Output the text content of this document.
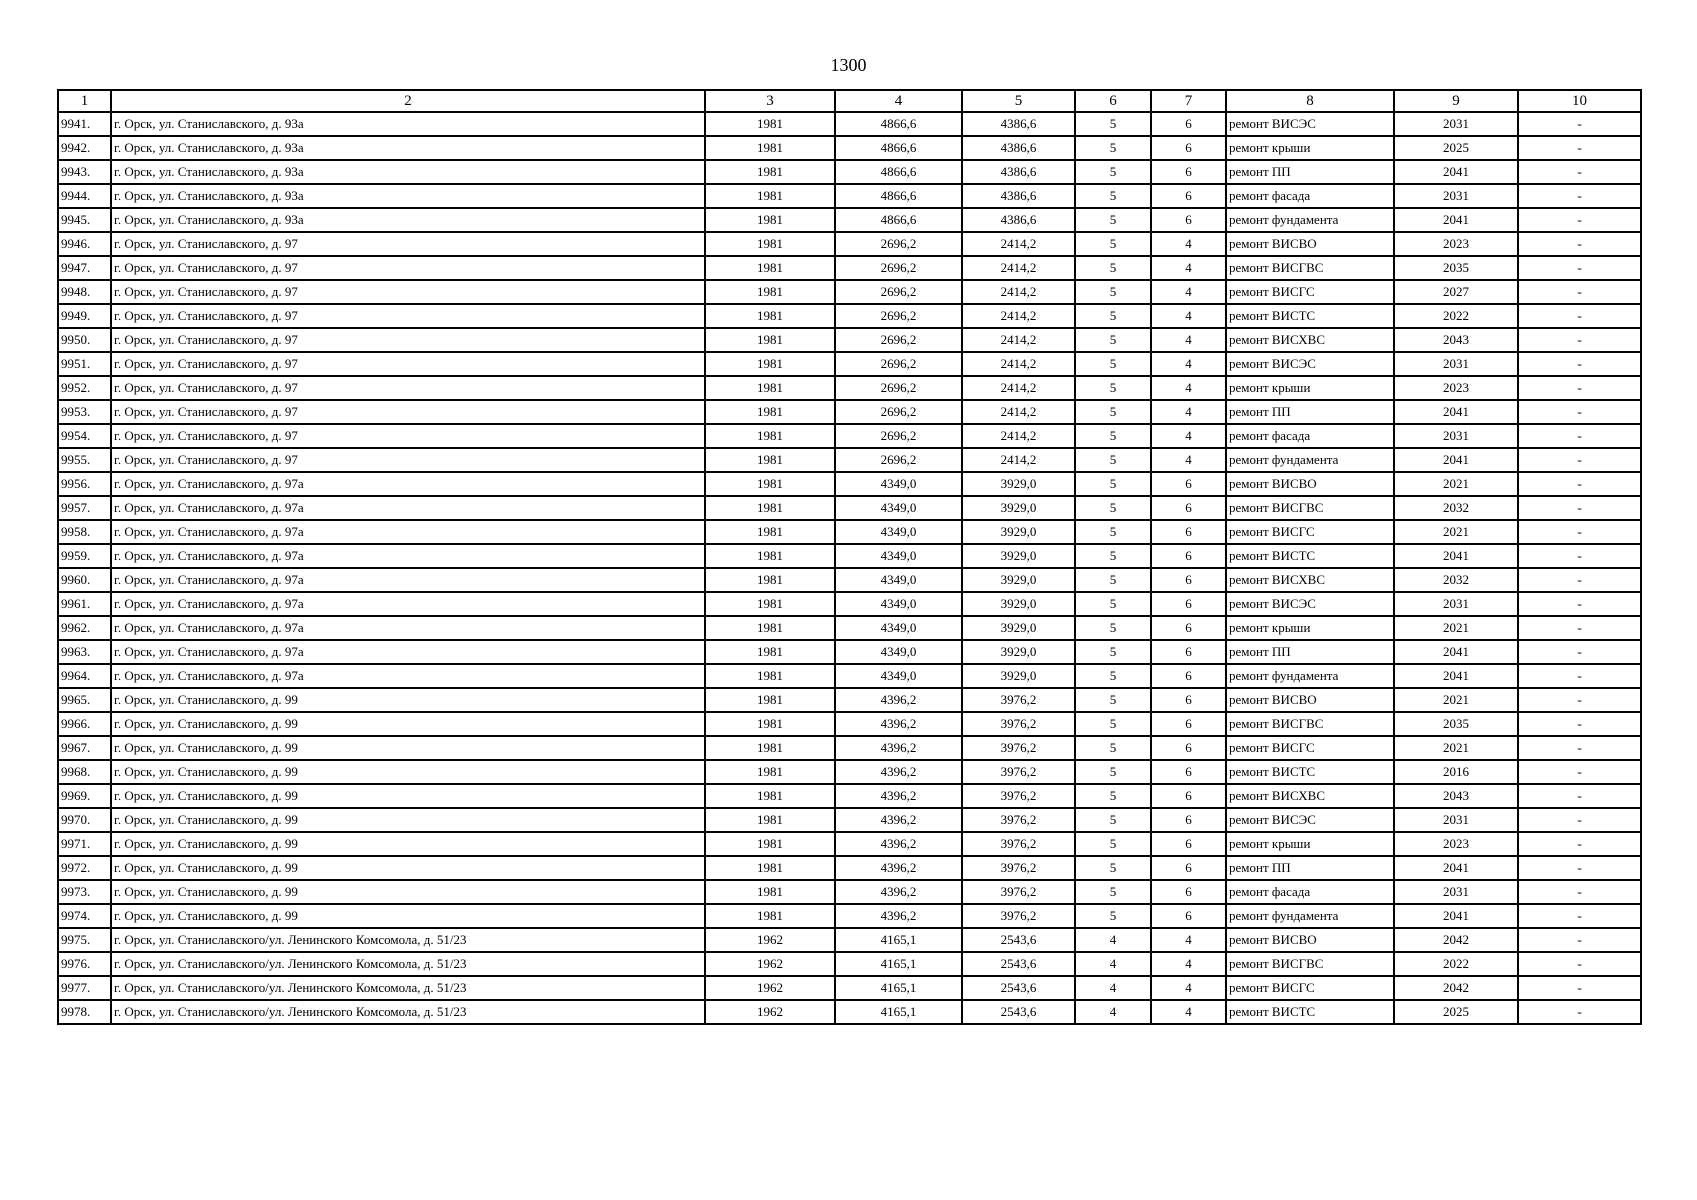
1300
1	2	3	4	5	6	7	8	9	10
9941.	г. Орск, ул. Станиславского, д. 93а	1981	4866,6	4386,6	5	6	ремонт ВИСЭС	2031	-
9942.	г. Орск, ул. Станиславского, д. 93а	1981	4866,6	4386,6	5	6	ремонт крыши	2025	-
9943.	г. Орск, ул. Станиславского, д. 93а	1981	4866,6	4386,6	5	6	ремонт ПП	2041	-
9944.	г. Орск, ул. Станиславского, д. 93а	1981	4866,6	4386,6	5	6	ремонт фасада	2031	-
9945.	г. Орск, ул. Станиславского, д. 93а	1981	4866,6	4386,6	5	6	ремонт фундамента	2041	-
9946.	г. Орск, ул. Станиславского, д. 97	1981	2696,2	2414,2	5	4	ремонт ВИСВО	2023	-
9947.	г. Орск, ул. Станиславского, д. 97	1981	2696,2	2414,2	5	4	ремонт ВИСГВС	2035	-
9948.	г. Орск, ул. Станиславского, д. 97	1981	2696,2	2414,2	5	4	ремонт ВИСГС	2027	-
9949.	г. Орск, ул. Станиславского, д. 97	1981	2696,2	2414,2	5	4	ремонт ВИСТС	2022	-
9950.	г. Орск, ул. Станиславского, д. 97	1981	2696,2	2414,2	5	4	ремонт ВИСХВС	2043	-
9951.	г. Орск, ул. Станиславского, д. 97	1981	2696,2	2414,2	5	4	ремонт ВИСЭС	2031	-
9952.	г. Орск, ул. Станиславского, д. 97	1981	2696,2	2414,2	5	4	ремонт крыши	2023	-
9953.	г. Орск, ул. Станиславского, д. 97	1981	2696,2	2414,2	5	4	ремонт ПП	2041	-
9954.	г. Орск, ул. Станиславского, д. 97	1981	2696,2	2414,2	5	4	ремонт фасада	2031	-
9955.	г. Орск, ул. Станиславского, д. 97	1981	2696,2	2414,2	5	4	ремонт фундамента	2041	-
9956.	г. Орск, ул. Станиславского, д. 97а	1981	4349,0	3929,0	5	6	ремонт ВИСВО	2021	-
9957.	г. Орск, ул. Станиславского, д. 97а	1981	4349,0	3929,0	5	6	ремонт ВИСГВС	2032	-
9958.	г. Орск, ул. Станиславского, д. 97а	1981	4349,0	3929,0	5	6	ремонт ВИСГС	2021	-
9959.	г. Орск, ул. Станиславского, д. 97а	1981	4349,0	3929,0	5	6	ремонт ВИСТС	2041	-
9960.	г. Орск, ул. Станиславского, д. 97а	1981	4349,0	3929,0	5	6	ремонт ВИСХВС	2032	-
9961.	г. Орск, ул. Станиславского, д. 97а	1981	4349,0	3929,0	5	6	ремонт ВИСЭС	2031	-
9962.	г. Орск, ул. Станиславского, д. 97а	1981	4349,0	3929,0	5	6	ремонт крыши	2021	-
9963.	г. Орск, ул. Станиславского, д. 97а	1981	4349,0	3929,0	5	6	ремонт ПП	2041	-
9964.	г. Орск, ул. Станиславского, д. 97а	1981	4349,0	3929,0	5	6	ремонт фундамента	2041	-
9965.	г. Орск, ул. Станиславского, д. 99	1981	4396,2	3976,2	5	6	ремонт ВИСВО	2021	-
9966.	г. Орск, ул. Станиславского, д. 99	1981	4396,2	3976,2	5	6	ремонт ВИСГВС	2035	-
9967.	г. Орск, ул. Станиславского, д. 99	1981	4396,2	3976,2	5	6	ремонт ВИСГС	2021	-
9968.	г. Орск, ул. Станиславского, д. 99	1981	4396,2	3976,2	5	6	ремонт ВИСТС	2016	-
9969.	г. Орск, ул. Станиславского, д. 99	1981	4396,2	3976,2	5	6	ремонт ВИСХВС	2043	-
9970.	г. Орск, ул. Станиславского, д. 99	1981	4396,2	3976,2	5	6	ремонт ВИСЭС	2031	-
9971.	г. Орск, ул. Станиславского, д. 99	1981	4396,2	3976,2	5	6	ремонт крыши	2023	-
9972.	г. Орск, ул. Станиславского, д. 99	1981	4396,2	3976,2	5	6	ремонт ПП	2041	-
9973.	г. Орск, ул. Станиславского, д. 99	1981	4396,2	3976,2	5	6	ремонт фасада	2031	-
9974.	г. Орск, ул. Станиславского, д. 99	1981	4396,2	3976,2	5	6	ремонт фундамента	2041	-
9975.	г. Орск, ул. Станиславского/ул. Ленинского Комсомола, д. 51/23	1962	4165,1	2543,6	4	4	ремонт ВИСВО	2042	-
9976.	г. Орск, ул. Станиславского/ул. Ленинского Комсомола, д. 51/23	1962	4165,1	2543,6	4	4	ремонт ВИСГВС	2022	-
9977.	г. Орск, ул. Станиславского/ул. Ленинского Комсомола, д. 51/23	1962	4165,1	2543,6	4	4	ремонт ВИСГС	2042	-
9978.	г. Орск, ул. Станиславского/ул. Ленинского Комсомола, д. 51/23	1962	4165,1	2543,6	4	4	ремонт ВИСТС	2025	-
